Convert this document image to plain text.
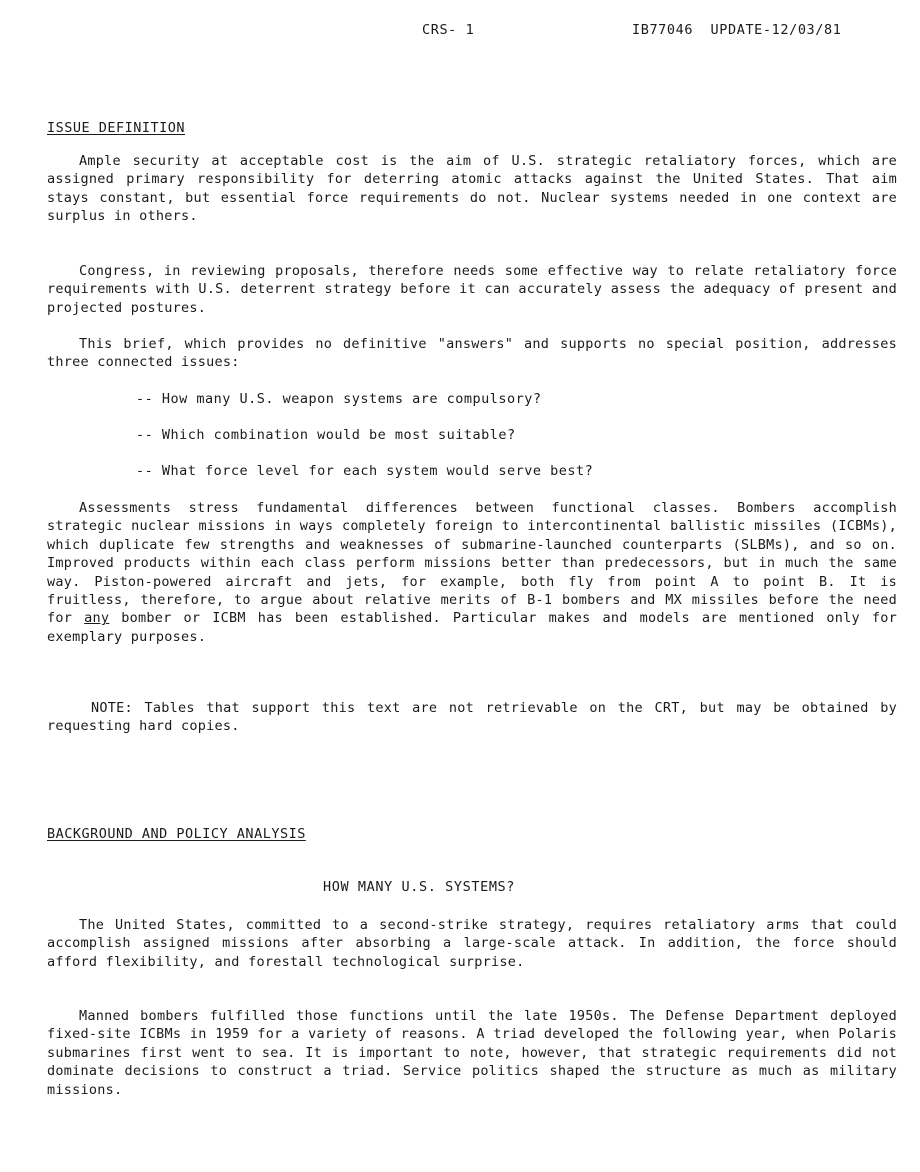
CRS- 1	IB77046  UPDATE-12/03/81
ISSUE DEFINITION
Ample security at acceptable cost is the aim of U.S. strategic retaliatory forces, which are assigned primary responsibility for deterring atomic attacks against the United States. That aim stays constant, but essential force requirements do not. Nuclear systems needed in one context are surplus in others.
Congress, in reviewing proposals, therefore needs some effective way to relate retaliatory force requirements with U.S. deterrent strategy before it can accurately assess the adequacy of present and projected postures.
This brief, which provides no definitive "answers" and supports no special position, addresses three connected issues:
-- How many U.S. weapon systems are compulsory?
-- Which combination would be most suitable?
-- What force level for each system would serve best?
Assessments stress fundamental differences between functional classes. Bombers accomplish strategic nuclear missions in ways completely foreign to intercontinental ballistic missiles (ICBMs), which duplicate few strengths and weaknesses of submarine-launched counterparts (SLBMs), and so on. Improved products within each class perform missions better than predecessors, but in much the same way. Piston-powered aircraft and jets, for example, both fly from point A to point B. It is fruitless, therefore, to argue about relative merits of B-1 bombers and MX missiles before the need for any bomber or ICBM has been established. Particular makes and models are mentioned only for exemplary purposes.
NOTE: Tables that support this text are not retrievable on the CRT, but may be obtained by requesting hard copies.
BACKGROUND AND POLICY ANALYSIS
HOW MANY U.S. SYSTEMS?
The United States, committed to a second-strike strategy, requires retaliatory arms that could accomplish assigned missions after absorbing a large-scale attack. In addition, the force should afford flexibility, and forestall technological surprise.
Manned bombers fulfilled those functions until the late 1950s. The Defense Department deployed fixed-site ICBMs in 1959 for a variety of reasons. A triad developed the following year, when Polaris submarines first went to sea. It is important to note, however, that strategic requirements did not dominate decisions to construct a triad. Service politics shaped the structure as much as military missions.
